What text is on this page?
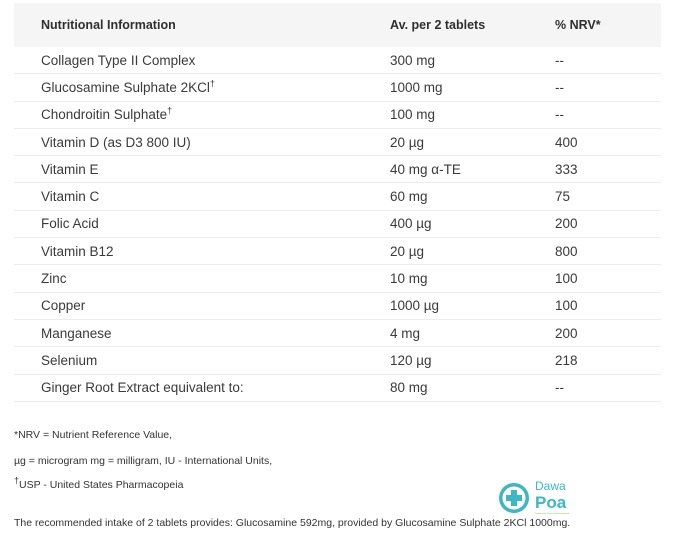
Nutritional Information	Av. per 2 tablets	% NRV*
Collagen Type II Complex	300 mg	--
Glucosamine Sulphate 2KCl†	1000 mg	--
Chondroitin Sulphate†	100 mg	--
Vitamin D (as D3 800 IU)	20 µg	400
Vitamin E	40 mg α-TE	333
Vitamin C	60 mg	75
Folic Acid	400 µg	200
Vitamin B12	20 µg	800
Zinc	10 mg	100
Copper	1000 µg	100
Manganese	4 mg	200
Selenium	120 µg	218
Ginger Root Extract equivalent to:	80 mg	--
*NRV = Nutrient Reference Value,
µg = microgram mg = milligram, IU - International Units,
†USP - United States Pharmacopeia
The recommended intake of 2 tablets provides: Glucosamine 592mg, provided by Glucosamine Sulphate 2KCl 1000mg.
Dawa
Poa
Powered by Dawa Pharmaceuticals
